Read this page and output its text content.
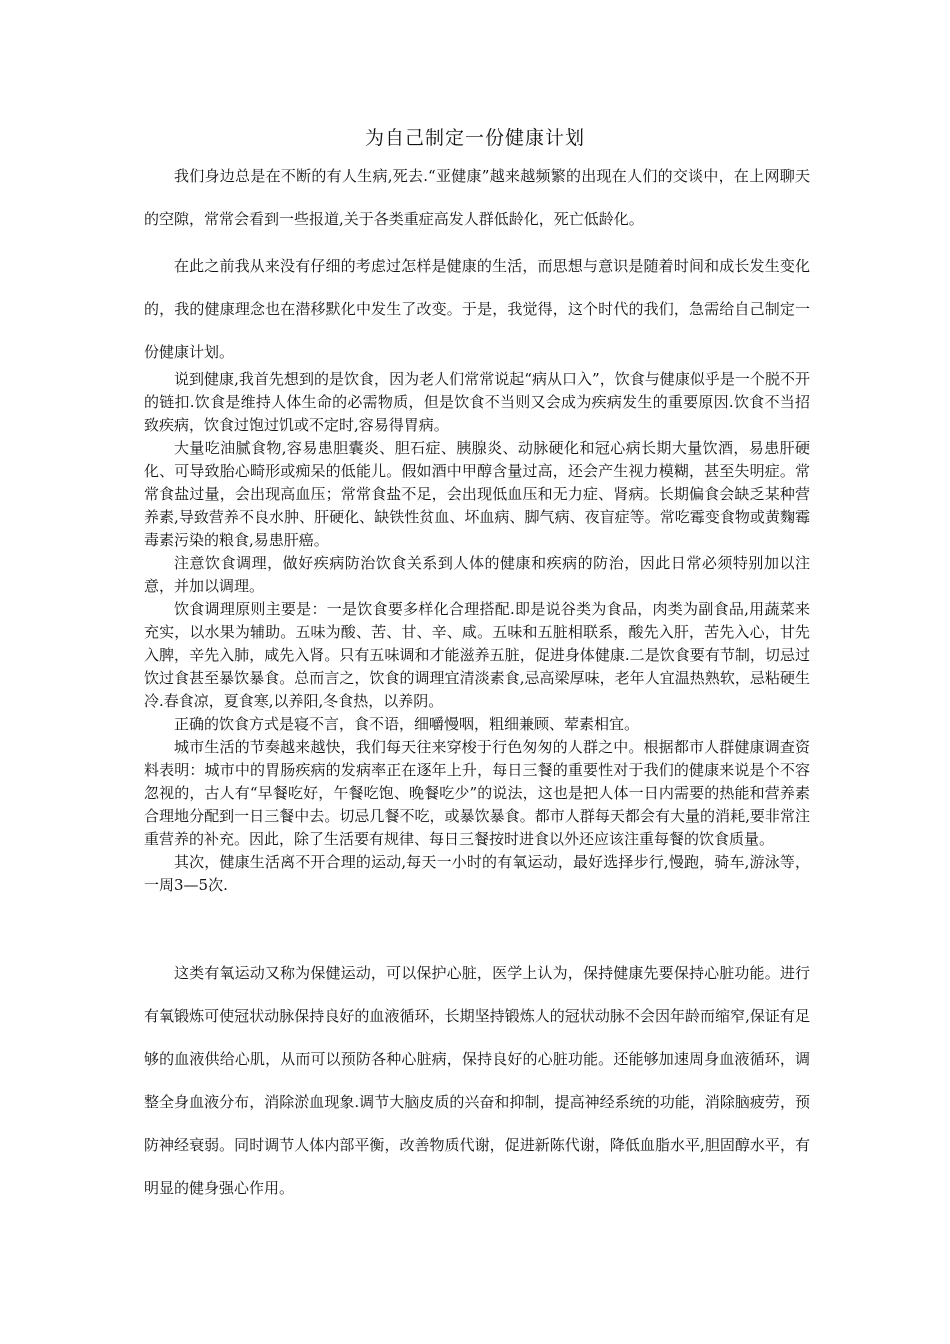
为自己制定一份健康计划

我们身边总是在不断的有人生病,死去.“亚健康”越来越频繁的出现在人们的交谈中，在上网聊天的空隙，常常会看到一些报道,关于各类重症高发人群低龄化，死亡低龄化。

在此之前我从来没有仔细的考虑过怎样是健康的生活，而思想与意识是随着时间和成长发生变化的，我的健康理念也在潜移默化中发生了改变。于是，我觉得，这个时代的我们，急需给自己制定一份健康计划。

说到健康,我首先想到的是饮食，因为老人们常常说起“病从口入”，饮食与健康似乎是一个脱不开的链扣.饮食是维持人体生命的必需物质，但是饮食不当则又会成为疾病发生的重要原因.饮食不当招致疾病，饮食过饱过饥或不定时,容易得胃病。

大量吃油腻食物,容易患胆囊炎、胆石症、胰腺炎、动脉硬化和冠心病长期大量饮酒，易患肝硬化、可导致胎心畸形或痴呆的低能儿。假如酒中甲醇含量过高，还会产生视力模糊，甚至失明症。常常食盐过量，会出现高血压；常常食盐不足，会出现低血压和无力症、肾病。长期偏食会缺乏某种营养素,导致营养不良水肿、肝硬化、缺铁性贫血、坏血病、脚气病、夜盲症等。常吃霉变食物或黄麴霉毒素污染的粮食,易患肝癌。

注意饮食调理，做好疾病防治饮食关系到人体的健康和疾病的防治，因此日常必须特别加以注意，并加以调理。

饮食调理原则主要是：一是饮食要多样化合理搭配.即是说谷类为食品，肉类为副食品,用蔬菜来充实，以水果为辅助。五味为酸、苦、甘、辛、咸。五味和五脏相联系，酸先入肝，苦先入心，甘先入脾，辛先入肺，咸先入肾。只有五味调和才能滋养五脏，促进身体健康.二是饮食要有节制，切忌过饮过食甚至暴饮暴食。总而言之，饮食的调理宜清淡素食,忌高梁厚味，老年人宜温热熟软，忌粘硬生冷.春食凉，夏食寒,以养阳,冬食热，以养阴。

正确的饮食方式是寝不言，食不语，细嚼慢咽，粗细兼顾、荤素相宜。

城市生活的节奏越来越快，我们每天往来穿梭于行色匆匆的人群之中。根据都市人群健康调查资料表明：城市中的胃肠疾病的发病率正在逐年上升，每日三餐的重要性对于我们的健康来说是个不容忽视的，古人有“早餐吃好，午餐吃饱、晚餐吃少”的说法，这也是把人体一日内需要的热能和营养素合理地分配到一日三餐中去。切忌几餐不吃，或暴饮暴食。都市人群每天都会有大量的消耗,要非常注重营养的补充。因此，除了生活要有规律、每日三餐按时进食以外还应该注重每餐的饮食质量。

其次，健康生活离不开合理的运动,每天一小时的有氧运动，最好选择步行,慢跑，骑车,游泳等，一周3—5次.

这类有氧运动又称为保健运动，可以保护心脏，医学上认为，保持健康先要保持心脏功能。进行有氧锻炼可使冠状动脉保持良好的血液循环，长期坚持锻炼人的冠状动脉不会因年龄而缩窄,保证有足够的血液供给心肌，从而可以预防各种心脏病，保持良好的心脏功能。还能够加速周身血液循环，调整全身血液分布，消除淤血现象.调节大脑皮质的兴奋和抑制，提高神经系统的功能，消除脑疲劳，预防神经衰弱。同时调节人体内部平衡，改善物质代谢，促进新陈代谢，降低血脂水平,胆固醇水平，有明显的健身强心作用。
